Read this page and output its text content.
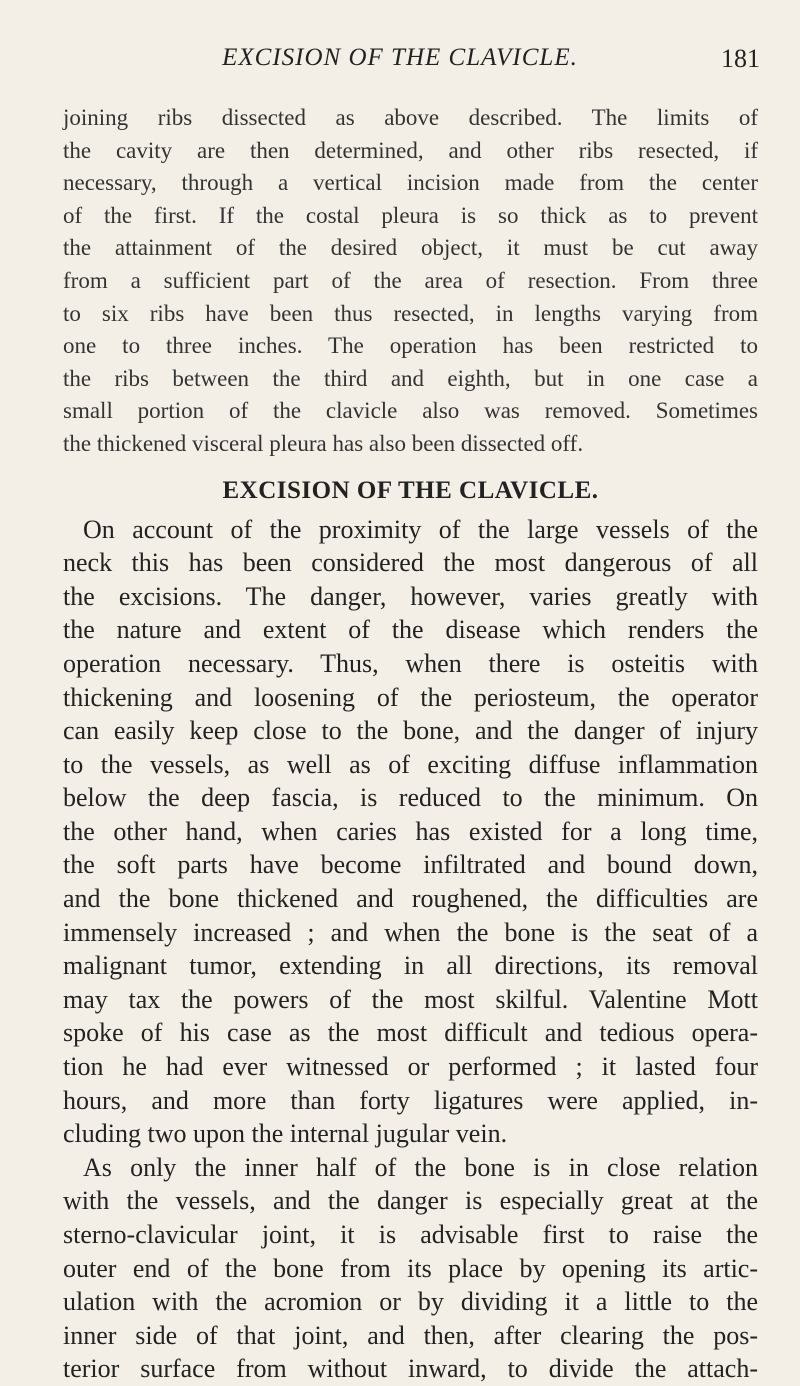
EXCISION OF THE CLAVICLE.	181
joining ribs dissected as above described. The limits of
the cavity are then determined, and other ribs resected, if
necessary, through a vertical incision made from the center
of the first. If the costal pleura is so thick as to prevent
the attainment of the desired object, it must be cut away
from a sufficient part of the area of resection. From three
to six ribs have been thus resected, in lengths varying from
one to three inches. The operation has been restricted to
the ribs between the third and eighth, but in one case a
small portion of the clavicle also was removed. Sometimes
the thickened visceral pleura has also been dissected off.
EXCISION OF THE CLAVICLE.
On account of the proximity of the large vessels of the
neck this has been considered the most dangerous of all
the excisions. The danger, however, varies greatly with
the nature and extent of the disease which renders the
operation necessary. Thus, when there is osteitis with
thickening and loosening of the periosteum, the operator
can easily keep close to the bone, and the danger of injury
to the vessels, as well as of exciting diffuse inflammation
below the deep fascia, is reduced to the minimum. On
the other hand, when caries has existed for a long time,
the soft parts have become infiltrated and bound down,
and the bone thickened and roughened, the difficulties are
immensely increased ; and when the bone is the seat of a
malignant tumor, extending in all directions, its removal
may tax the powers of the most skilful. Valentine Mott
spoke of his case as the most difficult and tedious opera-
tion he had ever witnessed or performed ; it lasted four
hours, and more than forty ligatures were applied, in-
cluding two upon the internal jugular vein.
As only the inner half of the bone is in close relation
with the vessels, and the danger is especially great at the
sterno-clavicular joint, it is advisable first to raise the
outer end of the bone from its place by opening its artic-
ulation with the acromion or by dividing it a little to the
inner side of that joint, and then, after clearing the pos-
terior surface from without inward, to divide the attach-
